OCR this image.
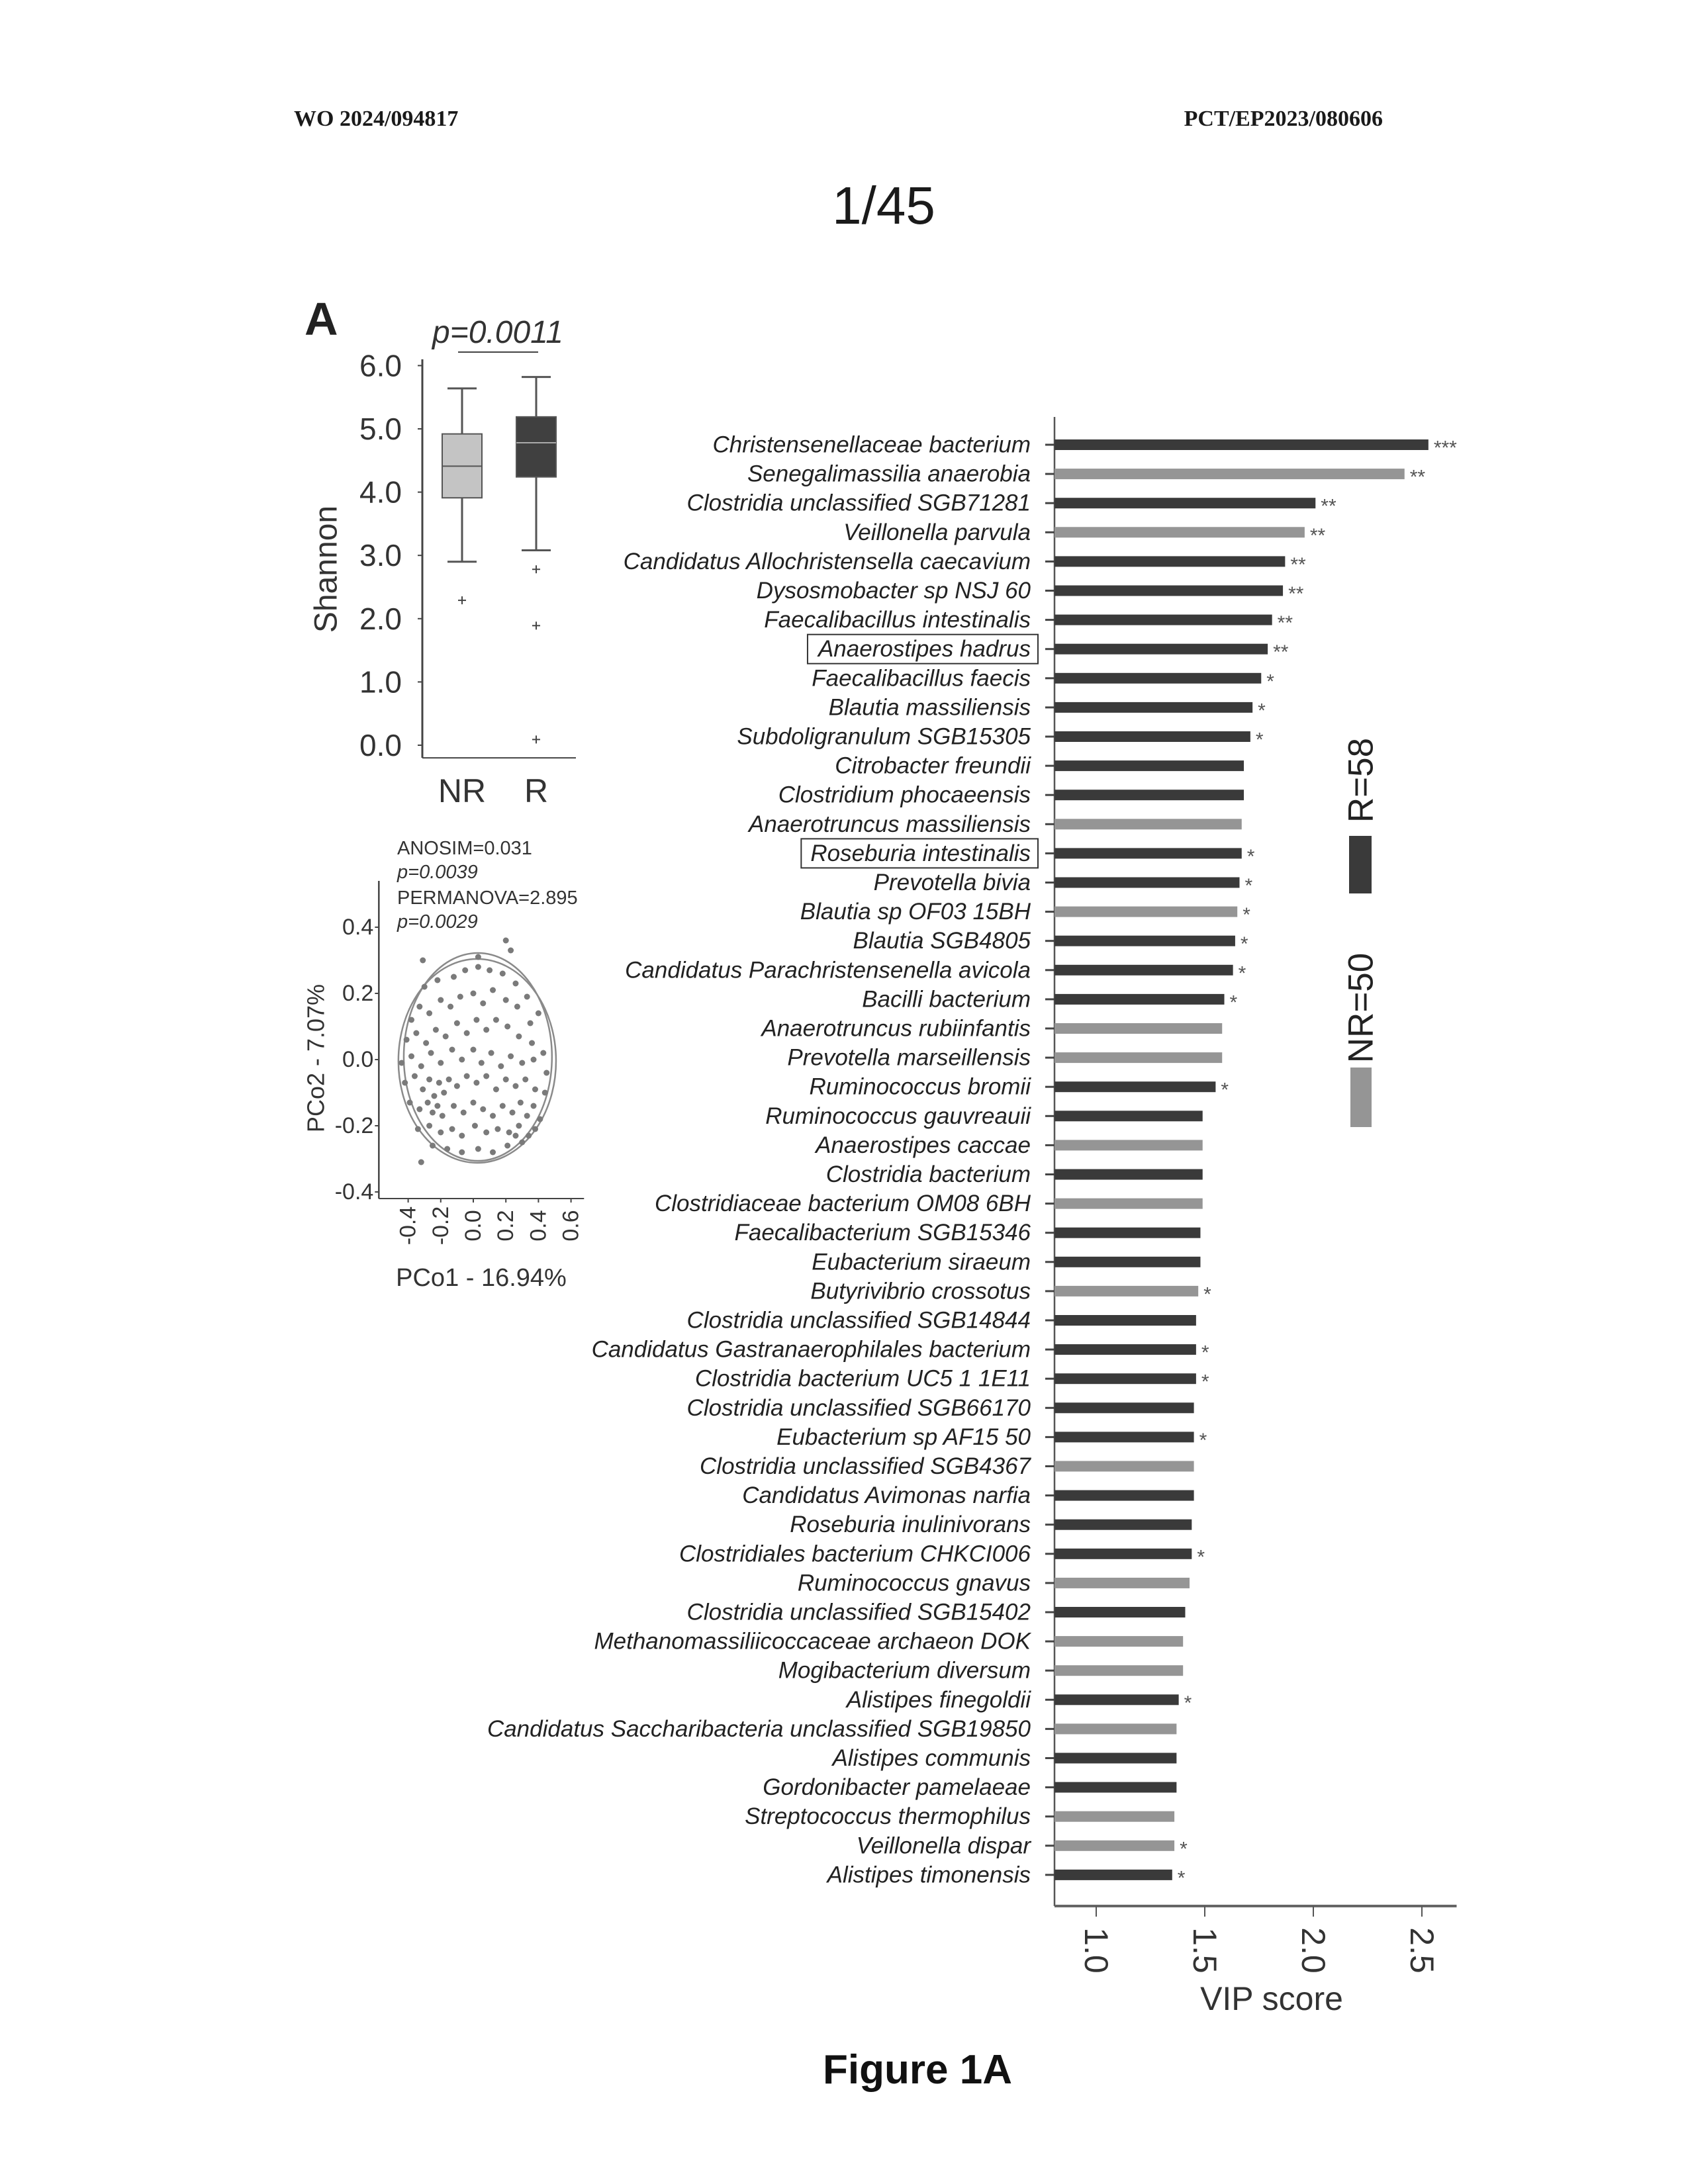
WO 2024/094817	PCT/EP2023/080606
1/45
A
Figure 1A
0.0
1.0
2.0
3.0
4.0
5.0
6.0
Shannon
NR R
p=0.0011
-0.4
-0.2
0.0
0.2
0.4
-0.4 -0.2 0.0 0.2 0.4 0.6
ANOSIM=0.031
p=0.0039
PERMANOVA=2.895
p=0.0029
PCo1 - 16.94%
PCo2 - 7.07%
Christensenellaceae bacterium	***
Senegalimassilia anaerobia	**
Clostridia unclassified SGB71281	**
Veillonella parvula	**
Candidatus Allochristensella caecavium	**
Dysosmobacter sp NSJ 60	**
Faecalibacillus intestinalis	**
Anaerostipes hadrus	**
Faecalibacillus faecis	*
Blautia massiliensis	*
Subdoligranulum SGB15305	*
Citrobacter freundii
Clostridium phocaeensis
Anaerotruncus massiliensis
Roseburia intestinalis	*
Prevotella bivia	*
Blautia sp OF03 15BH	*
Blautia SGB4805	*
Candidatus Parachristensenella avicola	*
Bacilli bacterium	*
Anaerotruncus rubiinfantis
Prevotella marseillensis
Ruminococcus bromii	*
Ruminococcus gauvreauii
Anaerostipes caccae
Clostridia bacterium
Clostridiaceae bacterium OM08 6BH
Faecalibacterium SGB15346
Eubacterium siraeum
Butyrivibrio crossotus	*
Clostridia unclassified SGB14844
Candidatus Gastranaerophilales bacterium	*
Clostridia bacterium UC5 1 1E11	*
Clostridia unclassified SGB66170
Eubacterium sp AF15 50	*
Clostridia unclassified SGB4367
Candidatus Avimonas narfia
Roseburia inulinivorans
Clostridiales bacterium CHKCI006	*
Ruminococcus gnavus
Clostridia unclassified SGB15402
Methanomassiliicoccaceae archaeon DOK
Mogibacterium diversum
Alistipes finegoldii	*
Candidatus Saccharibacteria unclassified SGB19850
Alistipes communis
Gordonibacter pamelaeae
Streptococcus thermophilus
Veillonella dispar	*
Alistipes timonensis	*
1.0 1.5 2.0 2.5
VIP score
R=58
NR=50
